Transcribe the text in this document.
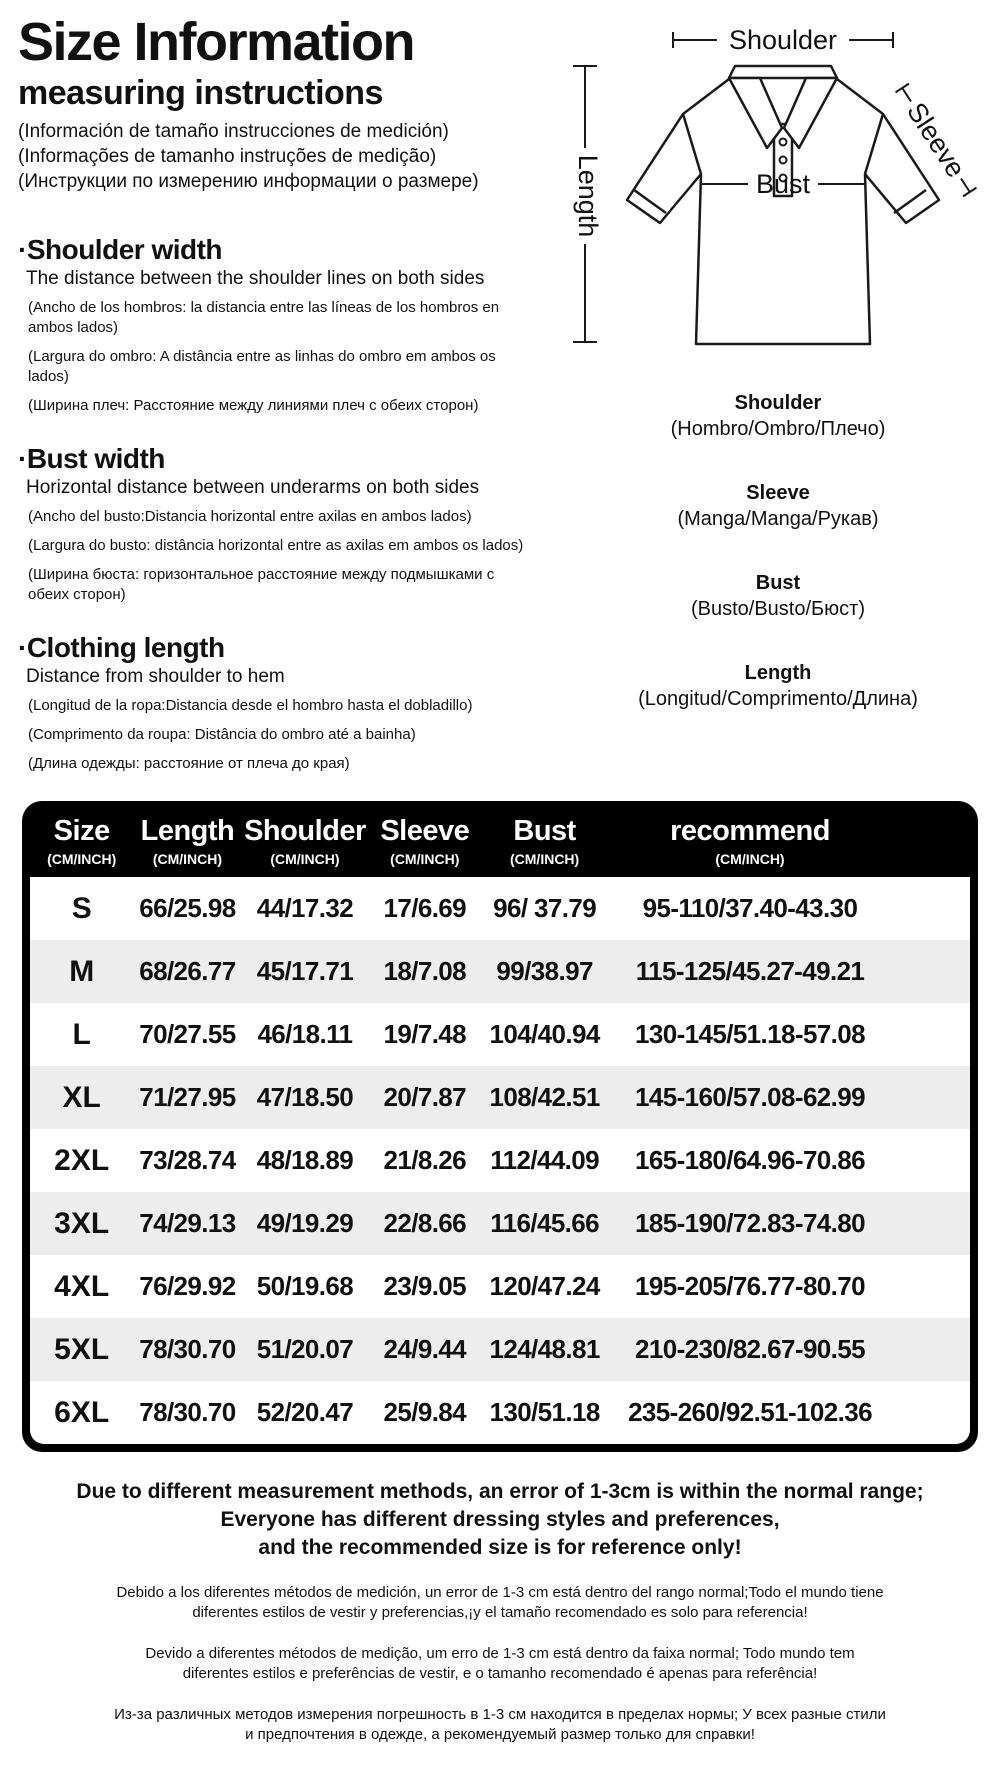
Size Information
measuring instructions

(Información de tamaño instrucciones de medición)

(Informações de tamanho instruções de medição)

(Инструкции по измерению информации о размере)

·Shoulder width

The distance between the shoulder lines on both sides

(Ancho de los hombros: la distancia entre las líneas de los hombros en ambos lados)

(Largura do ombro: A distância entre as linhas do ombro em ambos os lados)

(Ширина плеч: Расстояние между линиями плеч с обеих сторон)

·Bust width

Horizontal distance between underarms on both sides

(Ancho del busto:Distancia horizontal entre axilas en ambos lados)

(Largura do busto: distância horizontal entre as axilas em ambos os lados)

(Ширина бюста: горизонтальное расстояние между подмышками с обеих сторон)

·Clothing length

Distance from shoulder to hem

(Longitud de la ropa:Distancia desde el hombro hasta el dobladillo)

(Comprimento da roupa: Distância do ombro até a bainha)

(Длина одежды: расстояние от плеча до края)

Shoulder
Length	Bust
Sleeve
Shoulder
(Hombro/Ombro/Плечо)
Sleeve
(Manga/Manga/Рукав)
Bust
(Busto/Busto/Бюст)
Length
(Longitud/Comprimento/Длина)
Size
(CM/INCH)
Length
(CM/INCH)
Shoulder
(CM/INCH)
Sleeve
(CM/INCH)
Bust
(CM/INCH)
recommend
(CM/INCH)
S	66/25.98 44/17.32	17/6.69	96/ 37.79	95-110/37.40-43.30
M	68/26.77 45/17.71	18/7.08	99/38.97	115-125/45.27-49.21
L	70/27.55 46/18.11	19/7.48 104/40.94	130-145/51.18-57.08
XL	71/27.95 47/18.50	20/7.87 108/42.51	145-160/57.08-62.99
2XL	73/28.74 48/18.89	21/8.26 112/44.09	165-180/64.96-70.86
3XL	74/29.13 49/19.29	22/8.66 116/45.66	185-190/72.83-74.80
4XL	76/29.92 50/19.68	23/9.05 120/47.24	195-205/76.77-80.70
5XL	78/30.70 51/20.07	24/9.44 124/48.81	210-230/82.67-90.55
6XL	78/30.70 52/20.47	25/9.84 130/51.18	235-260/92.51-102.36

Due to different measurement methods, an error of 1-3cm is within the normal range;

Everyone has different dressing styles and preferences,

and the recommended size is for reference only!

Debido a los diferentes métodos de medición, un error de 1-3 cm está dentro del rango normal;Todo el mundo tiene

diferentes estilos de vestir y preferencias,¡y el tamaño recomendado es solo para referencia!

Devido a diferentes métodos de medição, um erro de 1-3 cm está dentro da faixa normal; Todo mundo tem

diferentes estilos e preferências de vestir, e o tamanho recomendado é apenas para referência!

Из-за различных методов измерения погрешность в 1-3 см находится в пределах нормы; У всех разные стили

и предпочтения в одежде, а рекомендуемый размер только для справки!
